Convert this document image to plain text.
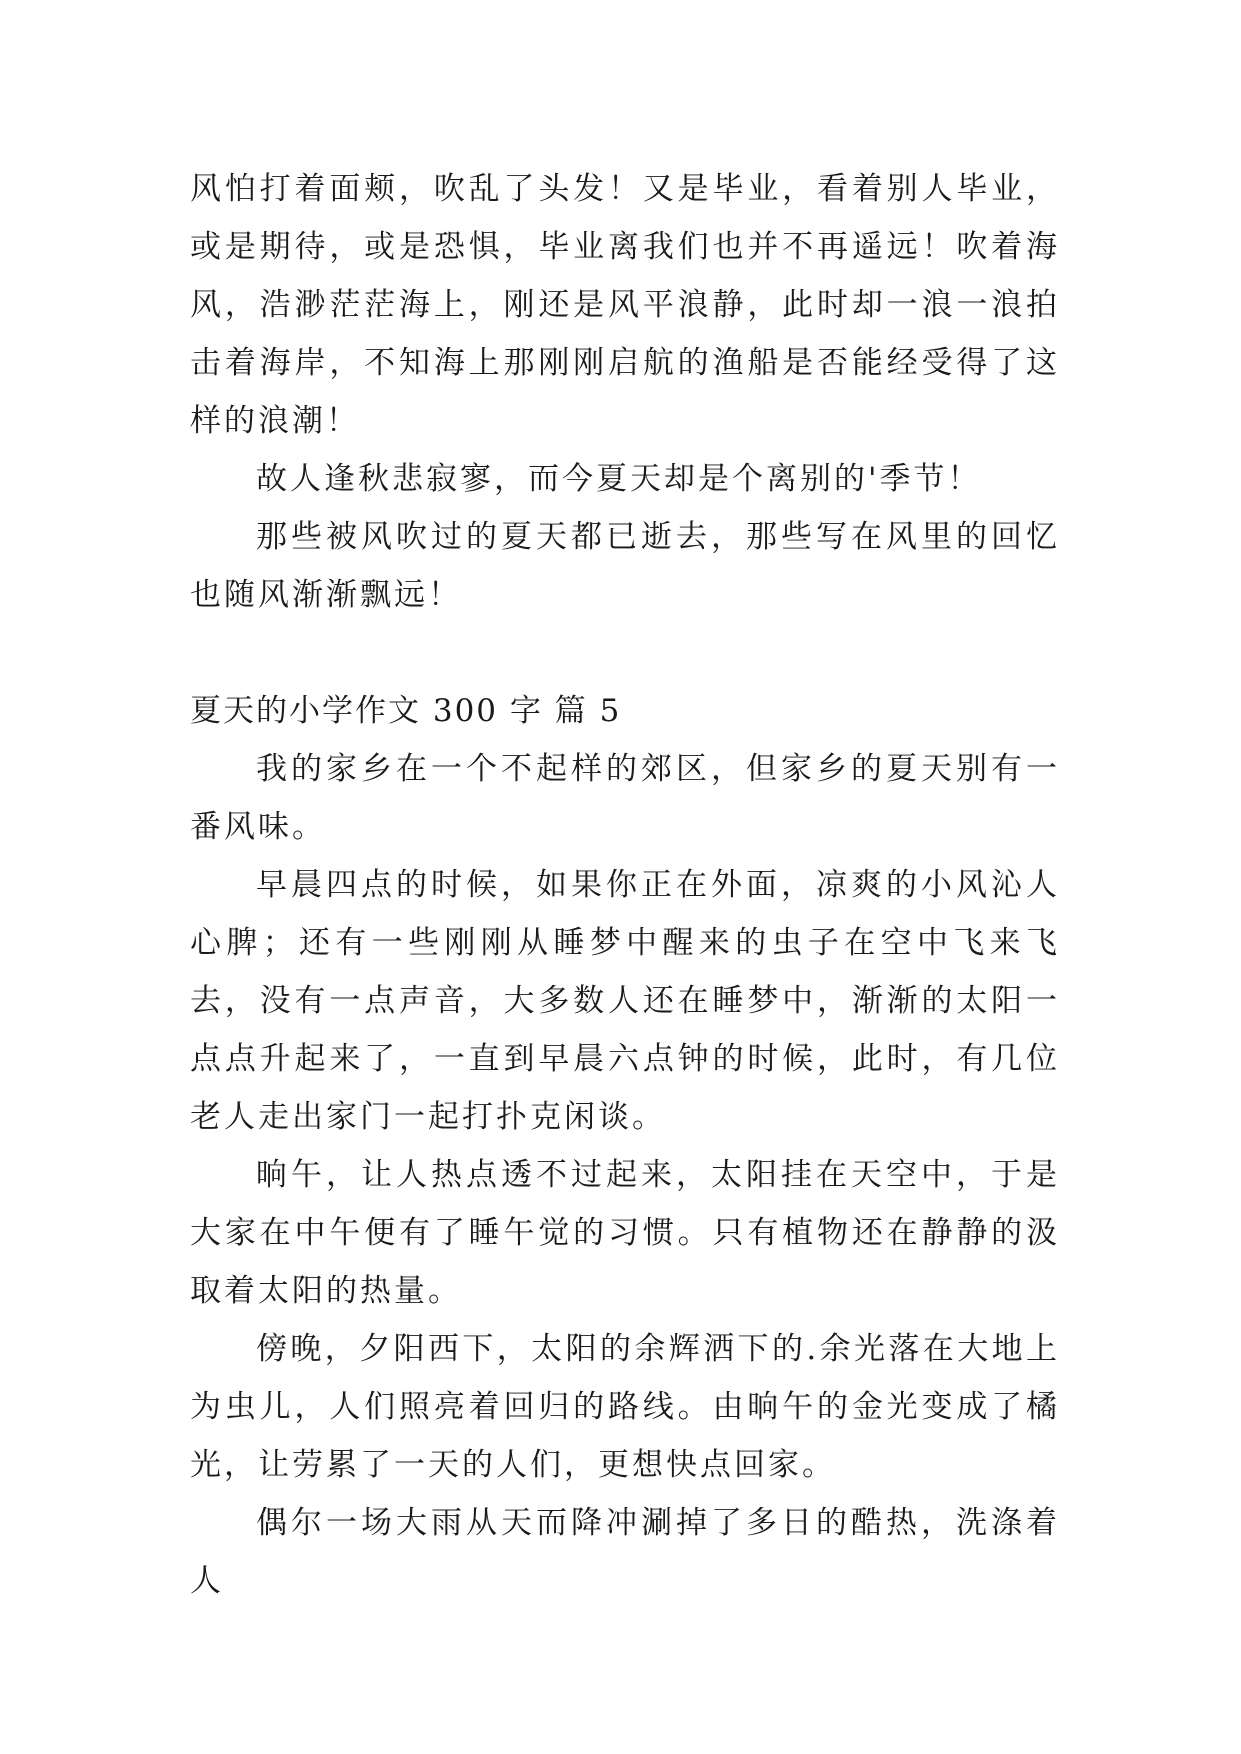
风怕打着面颊，吹乱了头发！又是毕业，看着别人毕业，或是期待，或是恐惧，毕业离我们也并不再遥远！吹着海风，浩渺茫茫海上，刚还是风平浪静，此时却一浪一浪拍击着海岸，不知海上那刚刚启航的渔船是否能经受得了这样的浪潮！

故人逢秋悲寂寥，而今夏天却是个离别的'季节！

那些被风吹过的夏天都已逝去，那些写在风里的回忆也随风渐渐飘远！

夏天的小学作文 300 字 篇 5

我的家乡在一个不起样的郊区，但家乡的夏天别有一番风味。

早晨四点的时候，如果你正在外面，凉爽的小风沁人心脾；还有一些刚刚从睡梦中醒来的虫子在空中飞来飞去，没有一点声音，大多数人还在睡梦中，渐渐的太阳一点点升起来了，一直到早晨六点钟的时候，此时，有几位老人走出家门一起打扑克闲谈。

晌午，让人热点透不过起来，太阳挂在天空中，于是大家在中午便有了睡午觉的习惯。只有植物还在静静的汲取着太阳的热量。

傍晚，夕阳西下，太阳的余辉洒下的.余光落在大地上为虫儿，人们照亮着回归的路线。由晌午的金光变成了橘光，让劳累了一天的人们，更想快点回家。

偶尔一场大雨从天而降冲涮掉了多日的酷热，洗涤着人
